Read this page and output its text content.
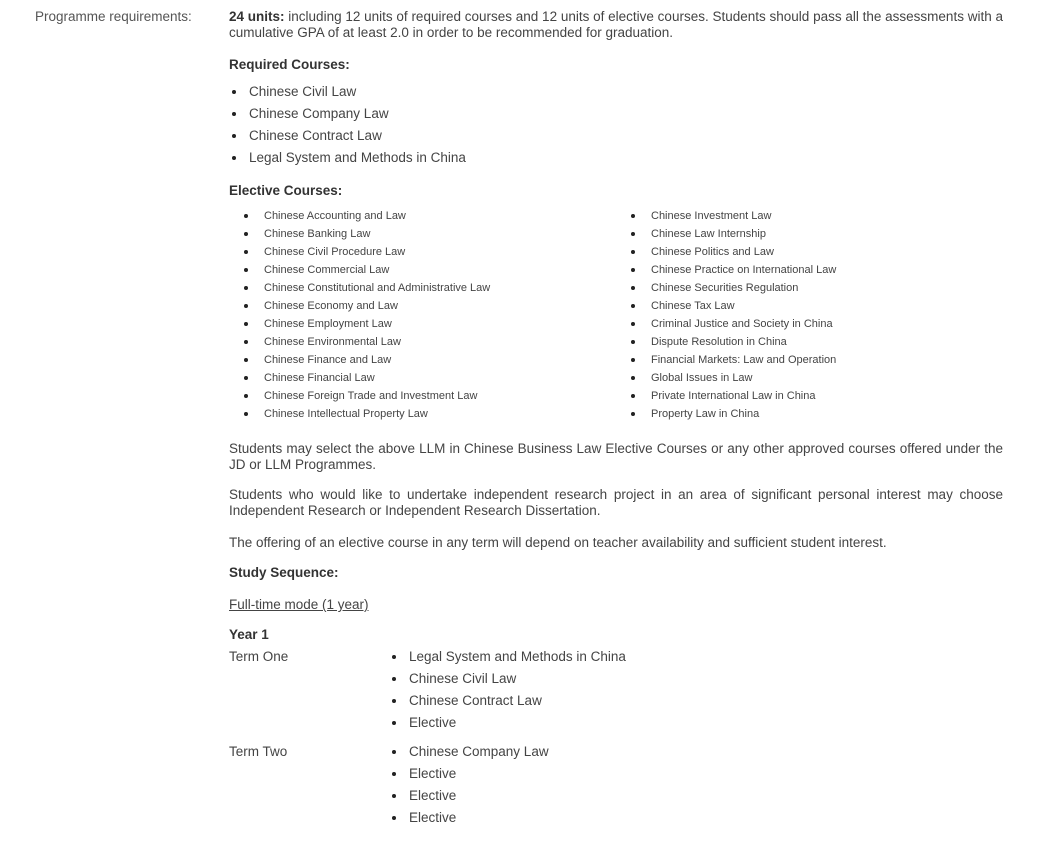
Programme requirements:	24 units: including 12 units of required courses and 12 units of elective courses. Students should pass all the assessments with a cumulative GPA of at least 2.0 in order to be recommended for graduation.

Required Courses:

Chinese Civil Law
Chinese Company Law
Chinese Contract Law
Legal System and Methods in China

Elective Courses:

Chinese Accounting and Law
Chinese Banking Law
Chinese Civil Procedure Law
Chinese Commercial Law
Chinese Constitutional and Administrative Law
Chinese Economy and Law
Chinese Employment Law
Chinese Environmental Law
Chinese Finance and Law
Chinese Financial Law
Chinese Foreign Trade and Investment Law
Chinese Intellectual Property Law
Chinese Investment Law
Chinese Law Internship
Chinese Politics and Law
Chinese Practice on International Law
Chinese Securities Regulation
Chinese Tax Law
Criminal Justice and Society in China
Dispute Resolution in China
Financial Markets: Law and Operation
Global Issues in Law
Private International Law in China
Property Law in China

Students may select the above LLM in Chinese Business Law Elective Courses or any other approved courses offered under the JD or LLM Programmes.

Students who would like to undertake independent research project in an area of significant personal interest may choose Independent Research or Independent Research Dissertation.

The offering of an elective course in any term will depend on teacher availability and sufficient student interest.

Study Sequence:

Full-time mode (1 year)

Year 1

Term One	Legal System and Methods in China
Chinese Civil Law
Chinese Contract Law
Elective
Term Two	Chinese Company Law
Elective
Elective
Elective
